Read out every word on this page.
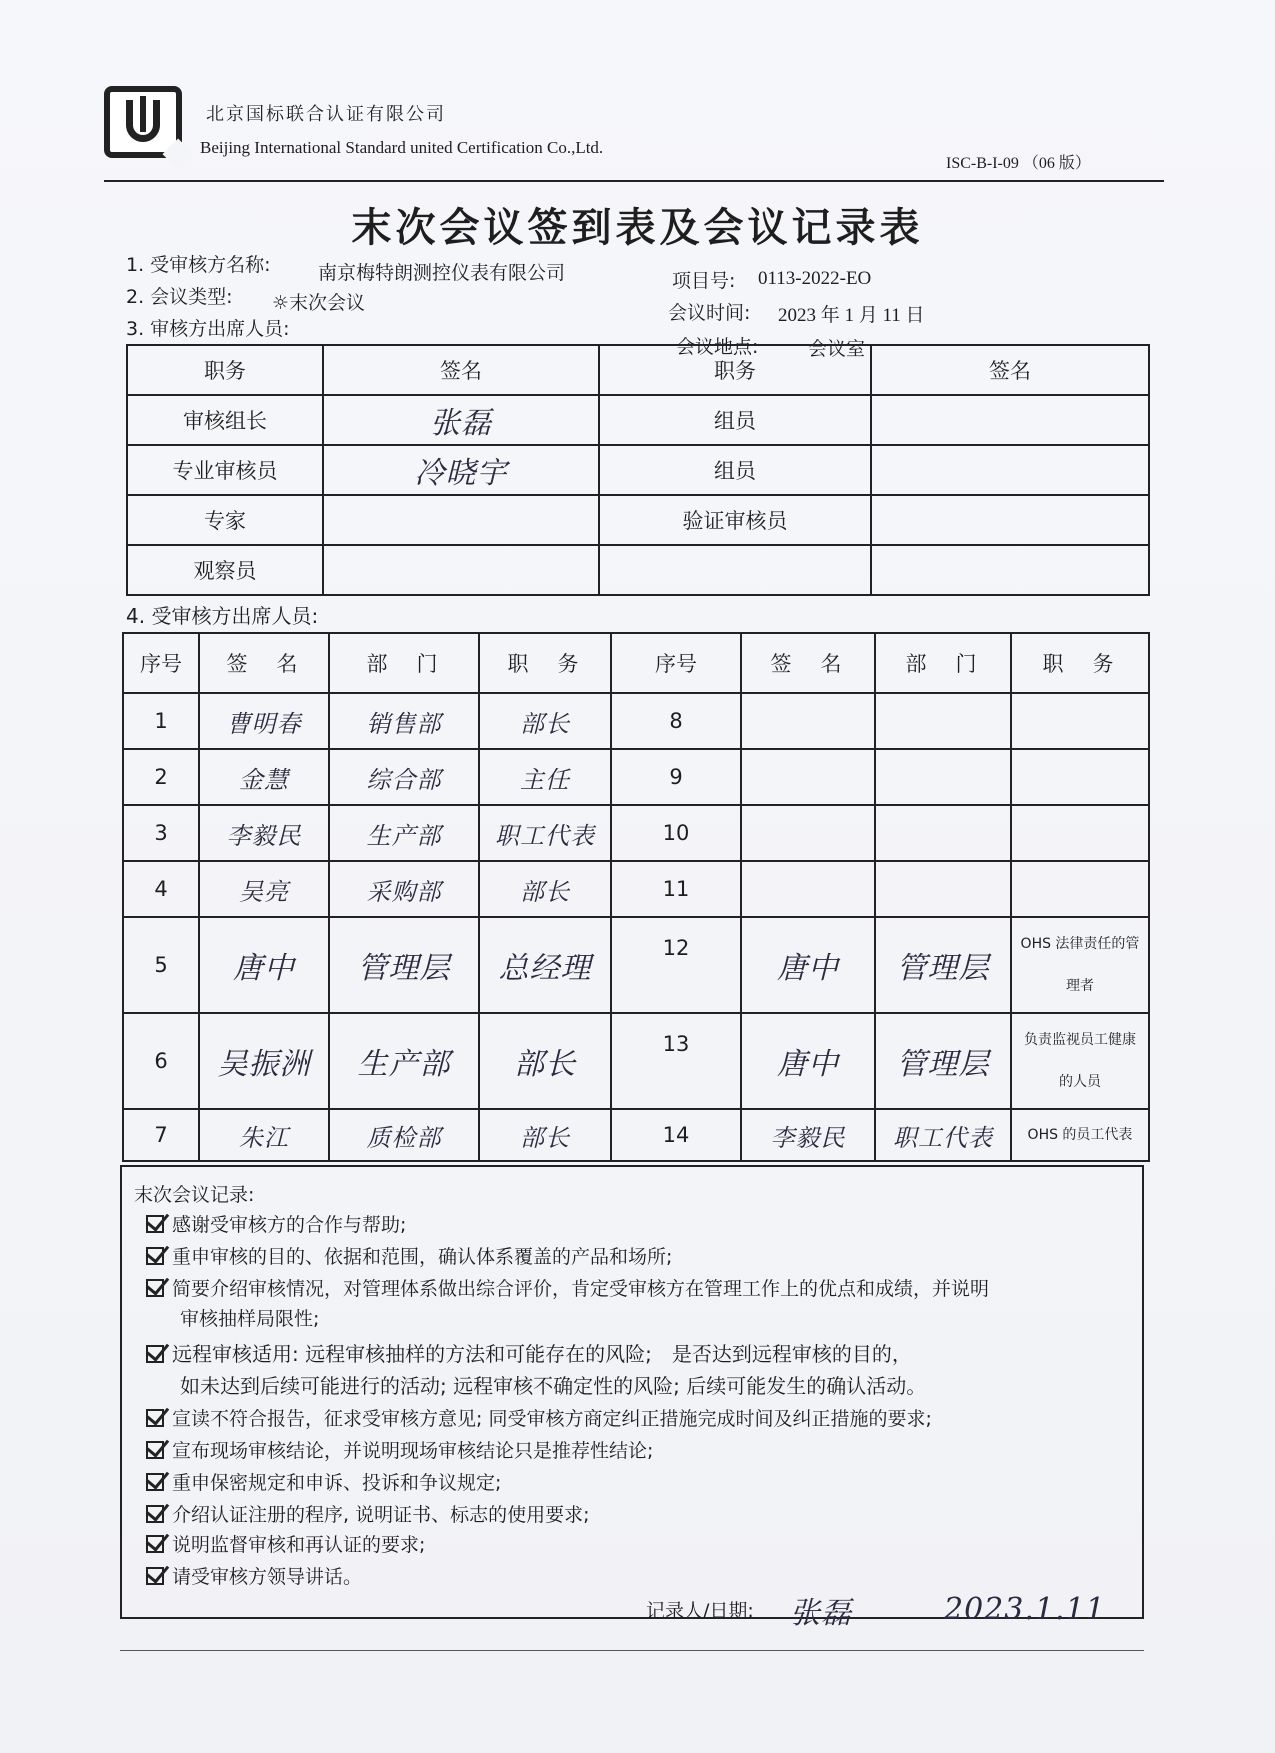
北京国标联合认证有限公司
Beijing International Standard united Certification Co.,Ltd.
ISC-B-I-09 （06 版）
末次会议签到表及会议记录表
1. 受审核方名称: 南京梅特朗测控仪表有限公司	项目号: 0113-2022-EO
2. 会议类型: ☼末次会议	会议时间: 2023 年 1 月 11 日
3. 审核方出席人员:
会议地点:	会议室
职务	签名	职务	签名
审核组长	张磊	组员	
专业审核员	冷晓宇	组员	
专家		验证审核员	
观察员			
4. 受审核方出席人员:
序号	签　名	部　门	职　务	序号	签　名	部　门	职　务
1	曹明春	销售部	部长	8			
2	金慧	综合部	主任	9			
3	李毅民	生产部	职工代表	10			
4	吴亮	采购部	部长	11			
5	唐中	管理层	总经理	12	唐中	管理层	OHS 法律责任的管理者
6	吴振洲	生产部	部长	13	唐中	管理层	负责监视员工健康的人员
7	朱江	质检部	部长	14	李毅民	职工代表	OHS 的员工代表
末次会议记录:
感谢受审核方的合作与帮助;
重申审核的目的、依据和范围，确认体系覆盖的产品和场所;
简要介绍审核情况，对管理体系做出综合评价，肯定受审核方在管理工作上的优点和成绩，并说明
审核抽样局限性;
远程审核适用: 远程审核抽样的方法和可能存在的风险;　是否达到远程审核的目的，
如未达到后续可能进行的活动; 远程审核不确定性的风险; 后续可能发生的确认活动。
宣读不符合报告，征求受审核方意见; 同受审核方商定纠正措施完成时间及纠正措施的要求;
宣布现场审核结论，并说明现场审核结论只是推荐性结论;
重申保密规定和申诉、投诉和争议规定;
介绍认证注册的程序, 说明证书、标志的使用要求;
说明监督审核和再认证的要求;
请受审核方领导讲话。
记录人/日期: 张磊	2023.1.11
